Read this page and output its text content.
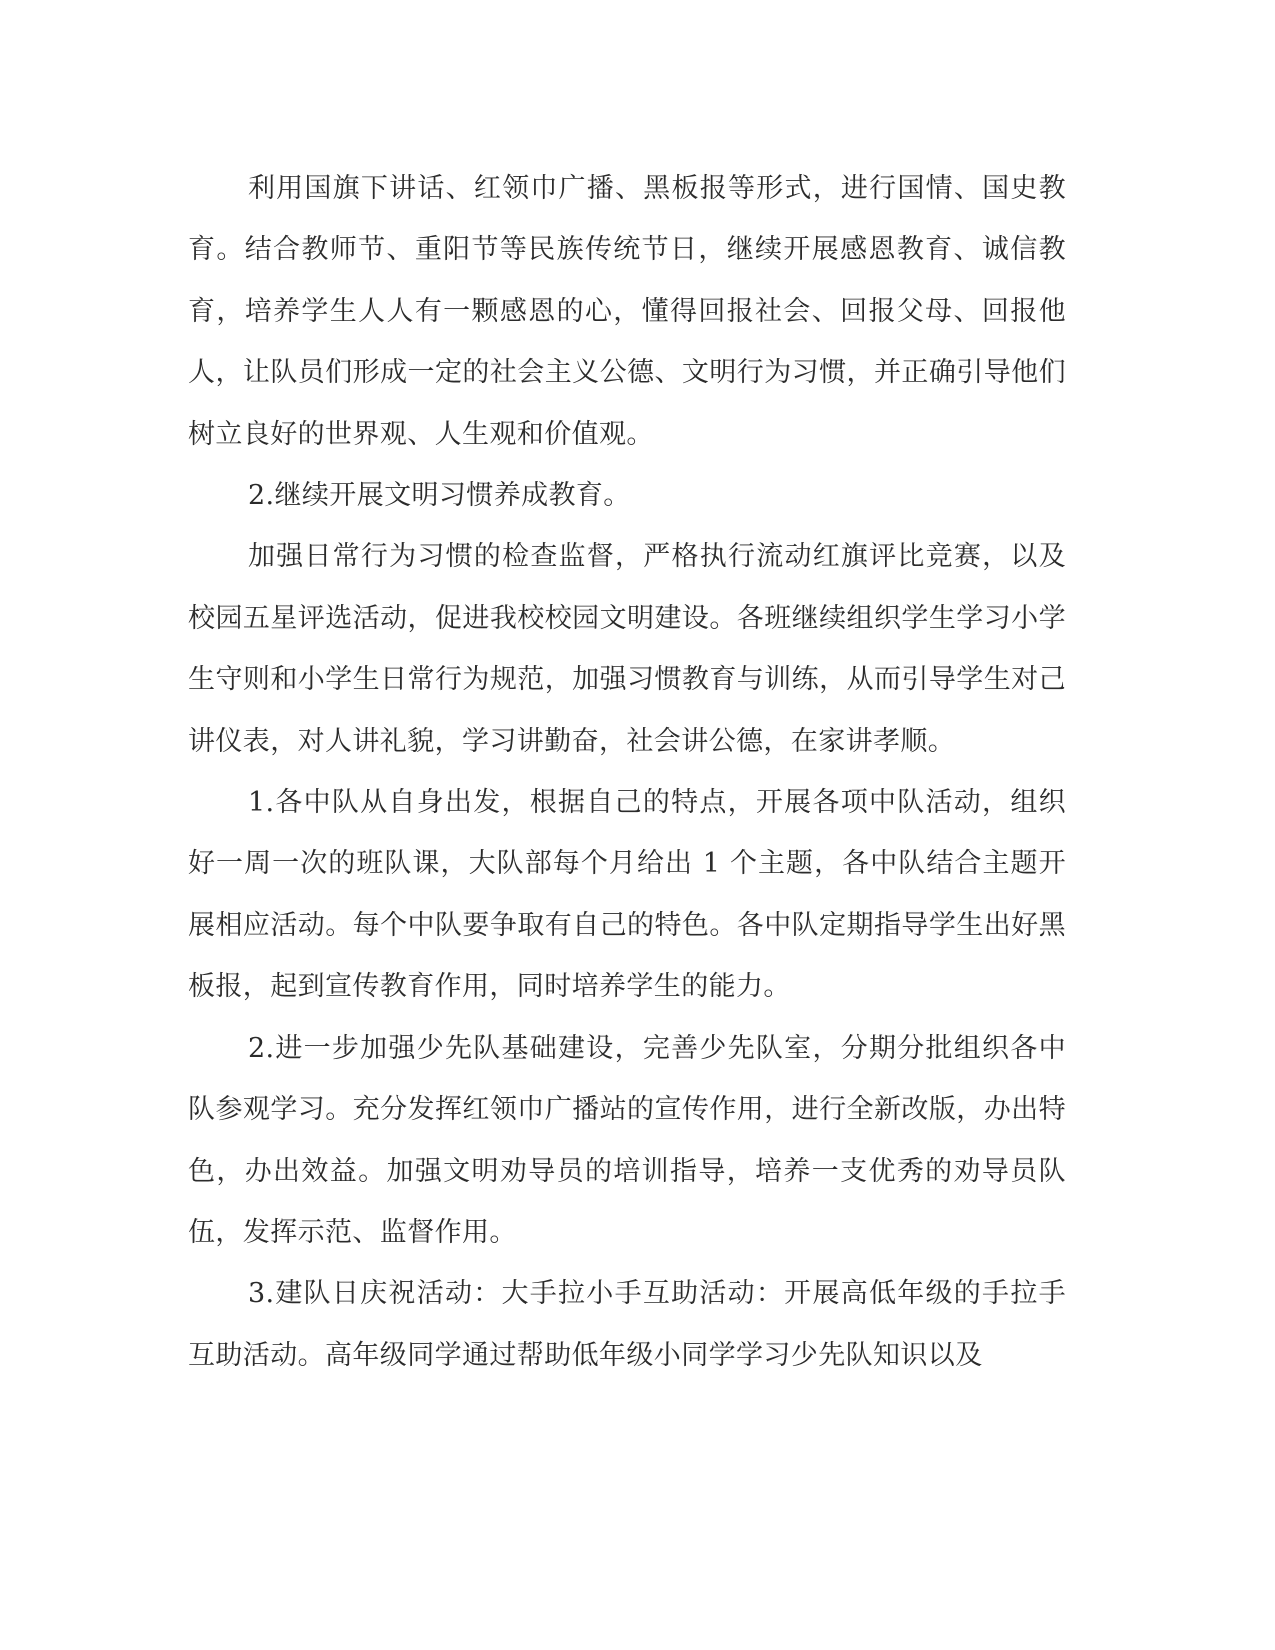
利用国旗下讲话、红领巾广播、黑板报等形式，进行国情、国史教育。结合教师节、重阳节等民族传统节日，继续开展感恩教育、诚信教育，培养学生人人有一颗感恩的心，懂得回报社会、回报父母、回报他人，让队员们形成一定的社会主义公德、文明行为习惯，并正确引导他们树立良好的世界观、人生观和价值观。

2.继续开展文明习惯养成教育。

加强日常行为习惯的检查监督，严格执行流动红旗评比竞赛，以及校园五星评选活动，促进我校校园文明建设。各班继续组织学生学习小学生守则和小学生日常行为规范，加强习惯教育与训练，从而引导学生对己讲仪表，对人讲礼貌，学习讲勤奋，社会讲公德，在家讲孝顺。

1.各中队从自身出发，根据自己的特点，开展各项中队活动，组织好一周一次的班队课，大队部每个月给出 1 个主题，各中队结合主题开展相应活动。每个中队要争取有自己的特色。各中队定期指导学生出好黑板报，起到宣传教育作用，同时培养学生的能力。

2.进一步加强少先队基础建设，完善少先队室，分期分批组织各中队参观学习。充分发挥红领巾广播站的宣传作用，进行全新改版，办出特色，办出效益。加强文明劝导员的培训指导，培养一支优秀的劝导员队伍，发挥示范、监督作用。

3.建队日庆祝活动：大手拉小手互助活动：开展高低年级的手拉手互助活动。高年级同学通过帮助低年级小同学学习少先队知识以及
